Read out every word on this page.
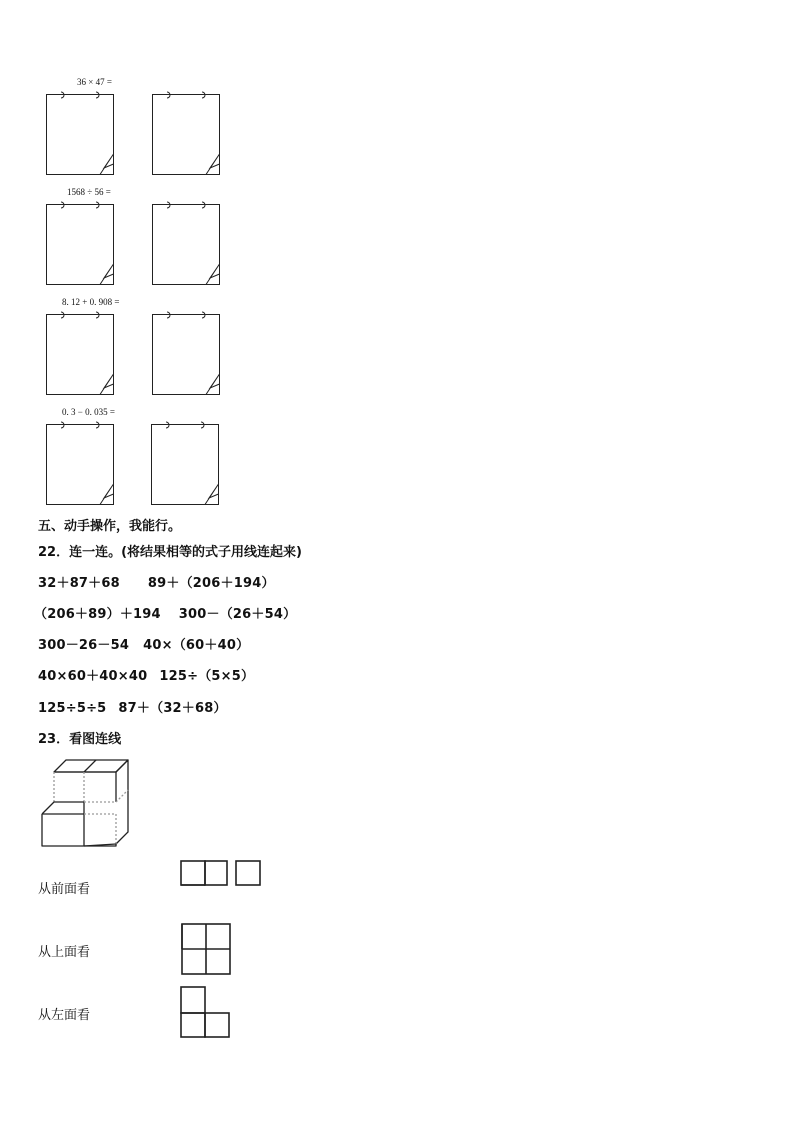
36 × 47 =
1568 ÷ 56 =
8. 12 + 0. 908 =
0. 3 − 0. 035 =
五、动手操作，我能行。
22．连一连。(将结果相等的式子用线连起来)
32＋87＋68 89＋（206＋194）
（206＋89）＋194 300－（26＋54）
300－26－54 40×（60＋40）
40×60＋40×40 125÷（5×5）
125÷5÷5 87＋（32＋68）
23．看图连线
从前面看

从上面看
从左面看
